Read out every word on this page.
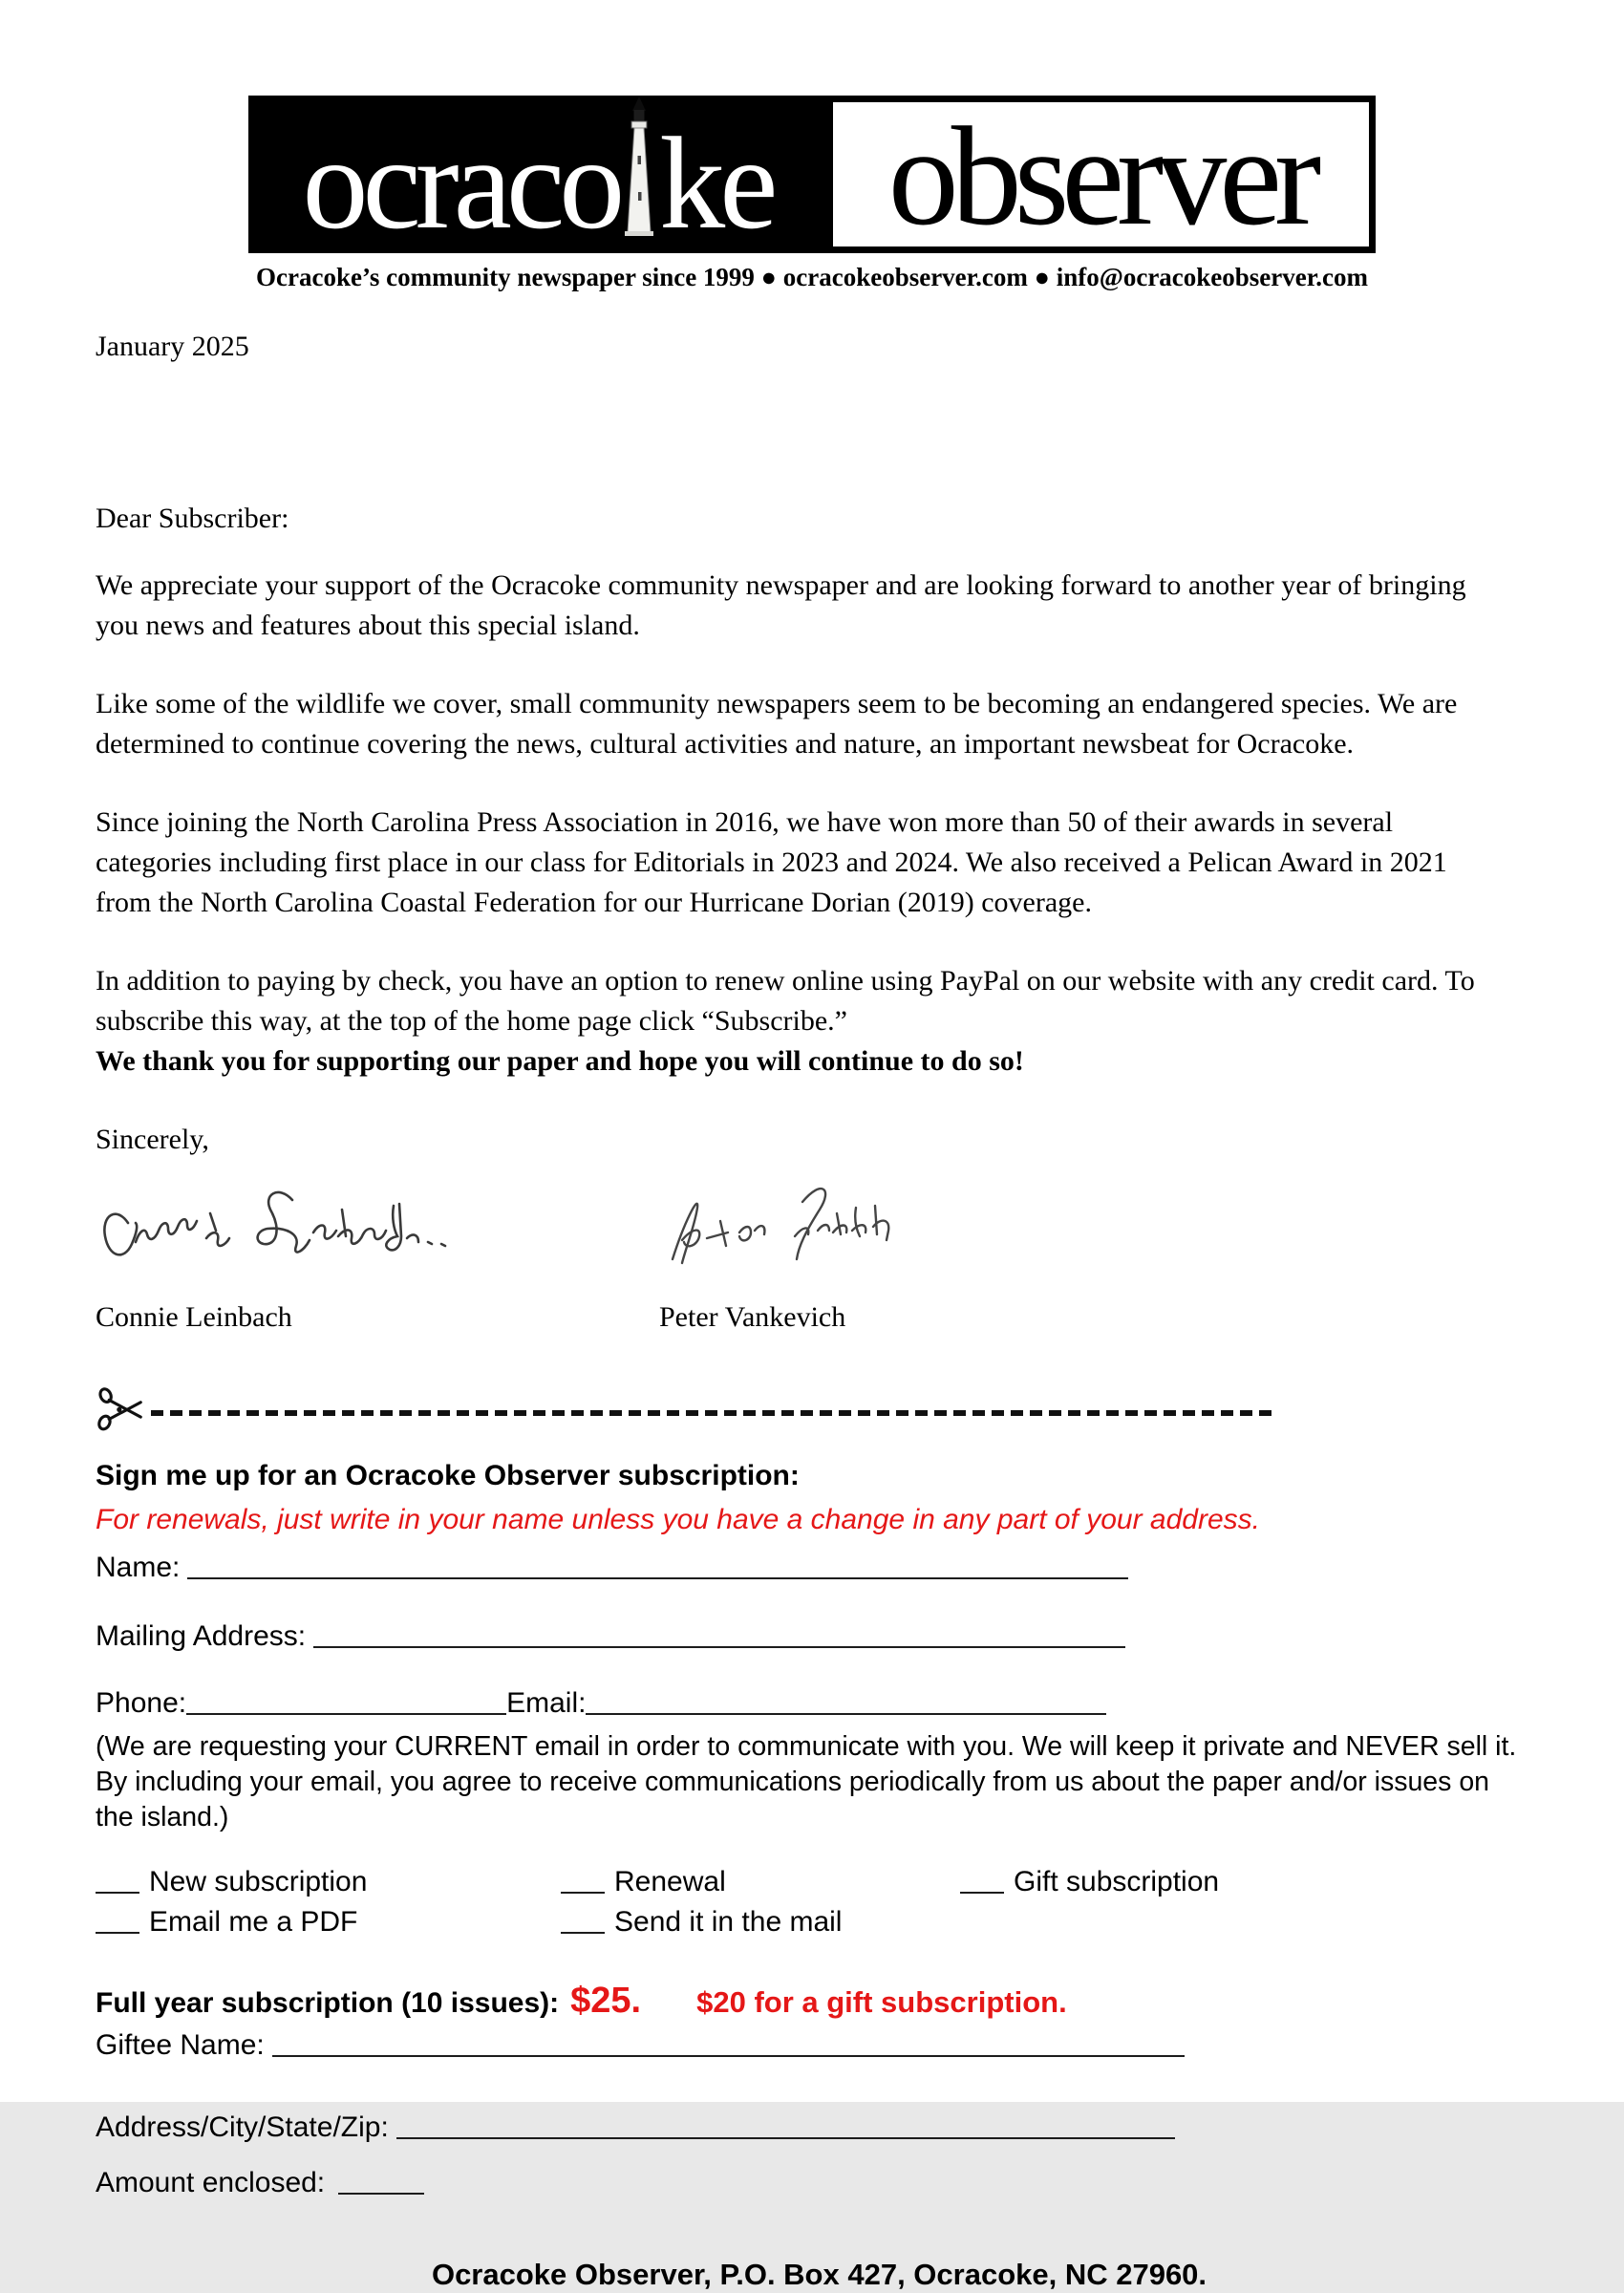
ocraco ke observer
Ocracoke’s community newspaper since 1999 ● ocracokeobserver.com ● info@ocracokeobserver.com
January 2025
Dear Subscriber:
We appreciate your support of the Ocracoke community newspaper and are looking forward to another year of bringing you news and features about this special island.
Like some of the wildlife we cover, small community newspapers seem to be becoming an endangered species. We are determined to continue covering the news, cultural activities and nature, an important newsbeat for Ocracoke.
Since joining the North Carolina Press Association in 2016, we have won more than 50 of their awards in several categories including first place in our class for Editorials in 2023 and 2024. We also received a Pelican Award in 2021 from the North Carolina Coastal Federation for our Hurricane Dorian (2019) coverage.
In addition to paying by check, you have an option to renew online using PayPal on our website with any credit card. To subscribe this way, at the top of the home page click “Subscribe.”
We thank you for supporting our paper and hope you will continue to do so!
Sincerely,
Connie Leinbach	Peter Vankevich
Sign me up for an Ocracoke Observer subscription:
For renewals, just write in your name unless you have a change in any part of your address.
Name:
Mailing Address:
Phone:	Email:
(We are requesting your CURRENT email in order to communicate with you. We will keep it private and NEVER sell it. By including your email, you agree to receive communications periodically from us about the paper and/or issues on the island.)
New subscription	Renewal	Gift subscription
Email me a PDF	Send it in the mail
Full year subscription (10 issues): $25. $20 for a gift subscription.
Giftee Name:
Address/City/State/Zip:
Amount enclosed:
Ocracoke Observer, P.O. Box 427, Ocracoke, NC 27960.
